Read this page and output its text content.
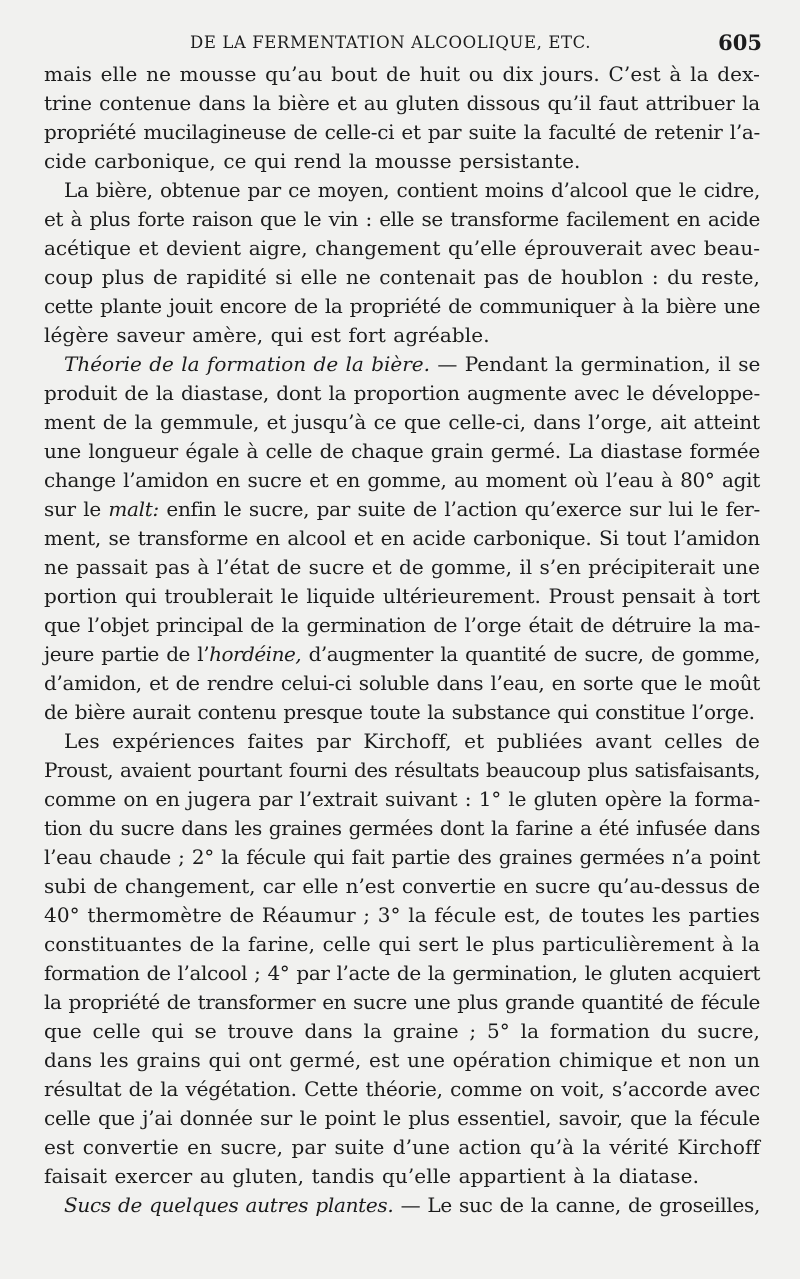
DE LA FERMENTATION ALCOOLIQUE, ETC.	605

mais elle ne mousse qu’au bout de huit ou dix jours. C’est à la dex-

trine contenue dans la bière et au gluten dissous qu’il faut attribuer la

propriété mucilagineuse de celle-ci et par suite la faculté de retenir l’a-

cide carbonique, ce qui rend la mousse persistante.

La bière, obtenue par ce moyen, contient moins d’alcool que le cidre,

et à plus forte raison que le vin : elle se transforme facilement en acide

acétique et devient aigre, changement qu’elle éprouverait avec beau-

coup plus de rapidité si elle ne contenait pas de houblon : du reste,

cette plante jouit encore de la propriété de communiquer à la bière une

légère saveur amère, qui est fort agréable.

Théorie de la formation de la bière. — Pendant la germination, il se

produit de la diastase, dont la proportion augmente avec le développe-

ment de la gemmule, et jusqu’à ce que celle-ci, dans l’orge, ait atteint

une longueur égale à celle de chaque grain germé. La diastase formée

change l’amidon en sucre et en gomme, au moment où l’eau à 80° agit

sur le malt: enfin le sucre, par suite de l’action qu’exerce sur lui le fer-

ment, se transforme en alcool et en acide carbonique. Si tout l’amidon

ne passait pas à l’état de sucre et de gomme, il s’en précipiterait une

portion qui troublerait le liquide ultérieurement. Proust pensait à tort

que l’objet principal de la germination de l’orge était de détruire la ma-

jeure partie de l’hordéine, d’augmenter la quantité de sucre, de gomme,

d’amidon, et de rendre celui-ci soluble dans l’eau, en sorte que le moût

de bière aurait contenu presque toute la substance qui constitue l’orge.

Les expériences faites par Kirchoff, et publiées avant celles de

Proust, avaient pourtant fourni des résultats beaucoup plus satisfaisants,

comme on en jugera par l’extrait suivant : 1° le gluten opère la forma-

tion du sucre dans les graines germées dont la farine a été infusée dans

l’eau chaude ; 2° la fécule qui fait partie des graines germées n’a point

subi de changement, car elle n’est convertie en sucre qu’au-dessus de

40° thermomètre de Réaumur ; 3° la fécule est, de toutes les parties

constituantes de la farine, celle qui sert le plus particulièrement à la

formation de l’alcool ; 4° par l’acte de la germination, le gluten acquiert

la propriété de transformer en sucre une plus grande quantité de fécule

que celle qui se trouve dans la graine ; 5° la formation du sucre,

dans les grains qui ont germé, est une opération chimique et non un

résultat de la végétation. Cette théorie, comme on voit, s’accorde avec

celle que j’ai donnée sur le point le plus essentiel, savoir, que la fécule

est convertie en sucre, par suite d’une action qu’à la vérité Kirchoff

faisait exercer au gluten, tandis qu’elle appartient à la diatase.

Sucs de quelques autres plantes. — Le suc de la canne, de groseilles,
